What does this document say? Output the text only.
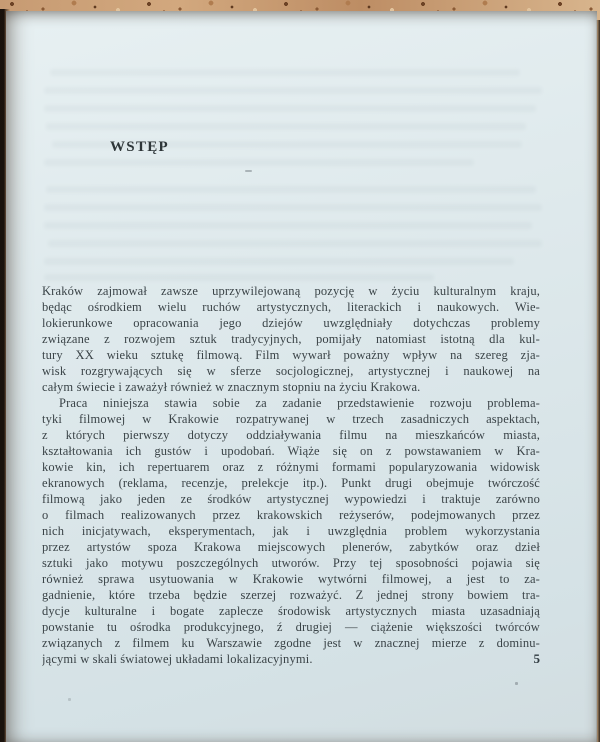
WSTĘP
Kraków zajmował zawsze uprzywilejowaną pozycję w życiu kulturalnym kraju,
będąc ośrodkiem wielu ruchów artystycznych, literackich i naukowych. Wie-
lokierunkowe opracowania jego dziejów uwzględniały dotychczas problemy
związane z rozwojem sztuk tradycyjnych, pomijały natomiast istotną dla kul-
tury XX wieku sztukę filmową. Film wywarł poważny wpływ na szereg zja-
wisk rozgrywających się w sferze socjologicznej, artystycznej i naukowej na
całym świecie i zaważył również w znacznym stopniu na życiu Krakowa.
Praca niniejsza stawia sobie za zadanie przedstawienie rozwoju problema-
tyki filmowej w Krakowie rozpatrywanej w trzech zasadniczych aspektach,
z których pierwszy dotyczy oddziaływania filmu na mieszkańców miasta,
kształtowania ich gustów i upodobań. Wiąże się on z powstawaniem w Kra-
kowie kin, ich repertuarem oraz z różnymi formami popularyzowania widowisk
ekranowych (reklama, recenzje, prelekcje itp.). Punkt drugi obejmuje twórczość
filmową jako jeden ze środków artystycznej wypowiedzi i traktuje zarówno
o filmach realizowanych przez krakowskich reżyserów, podejmowanych przez
nich inicjatywach, eksperymentach, jak i uwzględnia problem wykorzystania
przez artystów spoza Krakowa miejscowych plenerów, zabytków oraz dzieł
sztuki jako motywu poszczególnych utworów. Przy tej sposobności pojawia się
również sprawa usytuowania w Krakowie wytwórni filmowej, a jest to za-
gadnienie, które trzeba będzie szerzej rozważyć. Z jednej strony bowiem tra-
dycje kulturalne i bogate zaplecze środowisk artystycznych miasta uzasadniają
powstanie tu ośrodka produkcyjnego, ź drugiej — ciążenie większości twórców
związanych z filmem ku Warszawie zgodne jest w znacznej mierze z dominu-
jącymi w skali światowej układami lokalizacyjnymi.	5
